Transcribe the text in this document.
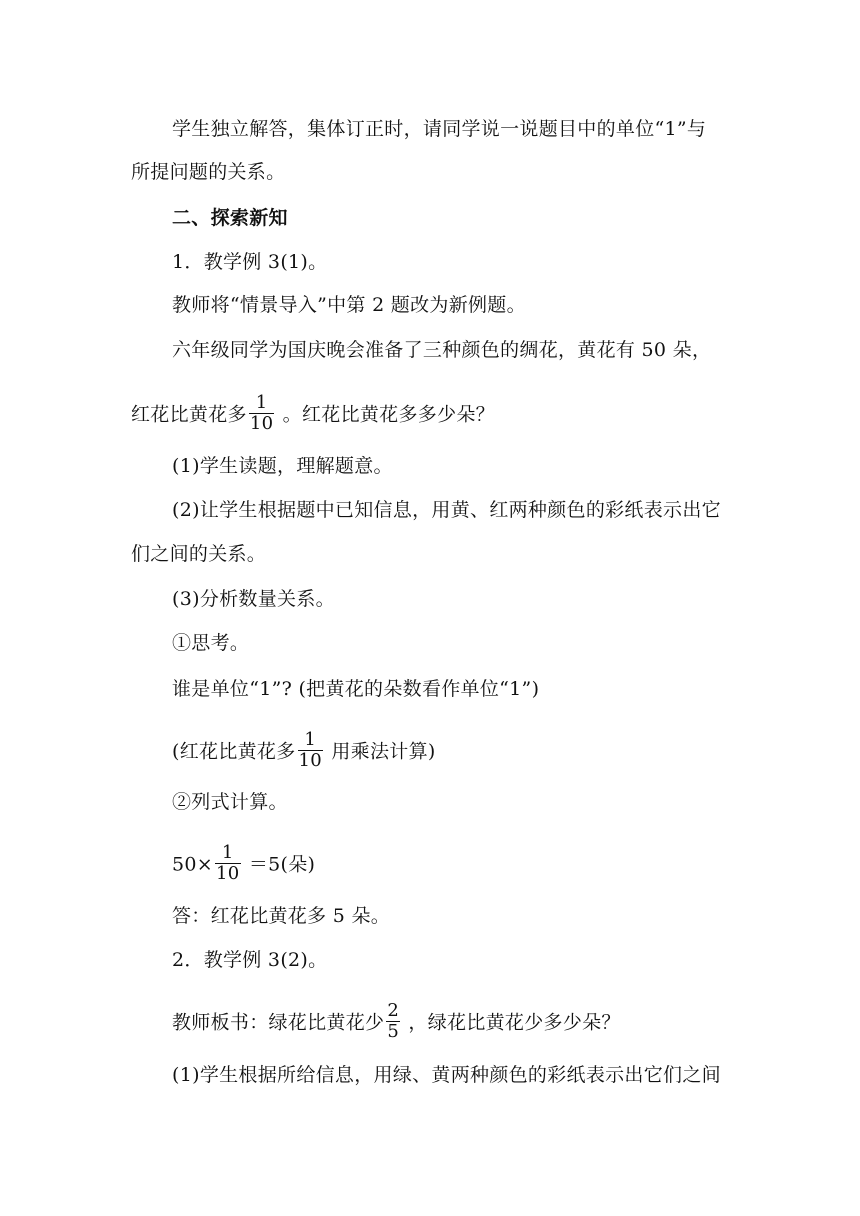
学生独立解答，集体订正时，请同学说一说题目中的单位“1”与
所提问题的关系。
二、探索新知
1．教学例 3(1)。
教师将“情景导入”中第 2 题改为新例题。
六年级同学为国庆晚会准备了三种颜色的绸花，黄花有 50 朵，
红花比黄花多 $\frac{1}{10}$ 。红花比黄花多多少朵？
(1)学生读题，理解题意。
(2)让学生根据题中已知信息，用黄、红两种颜色的彩纸表示出它
们之间的关系。
(3)分析数量关系。
①思考。
谁是单位“1”? (把黄花的朵数看作单位“1”)
(红花比黄花多 $\frac{1}{10}$ 用乘法计算)
②列式计算。
$50\times \frac{1}{10} =5$(朵)
答：红花比黄花多 5 朵。
2．教学例 3(2)。
教师板书：绿花比黄花少 $\frac{2}{5}$ ，绿花比黄花少多少朵？
(1)学生根据所给信息，用绿、黄两种颜色的彩纸表示出它们之间
